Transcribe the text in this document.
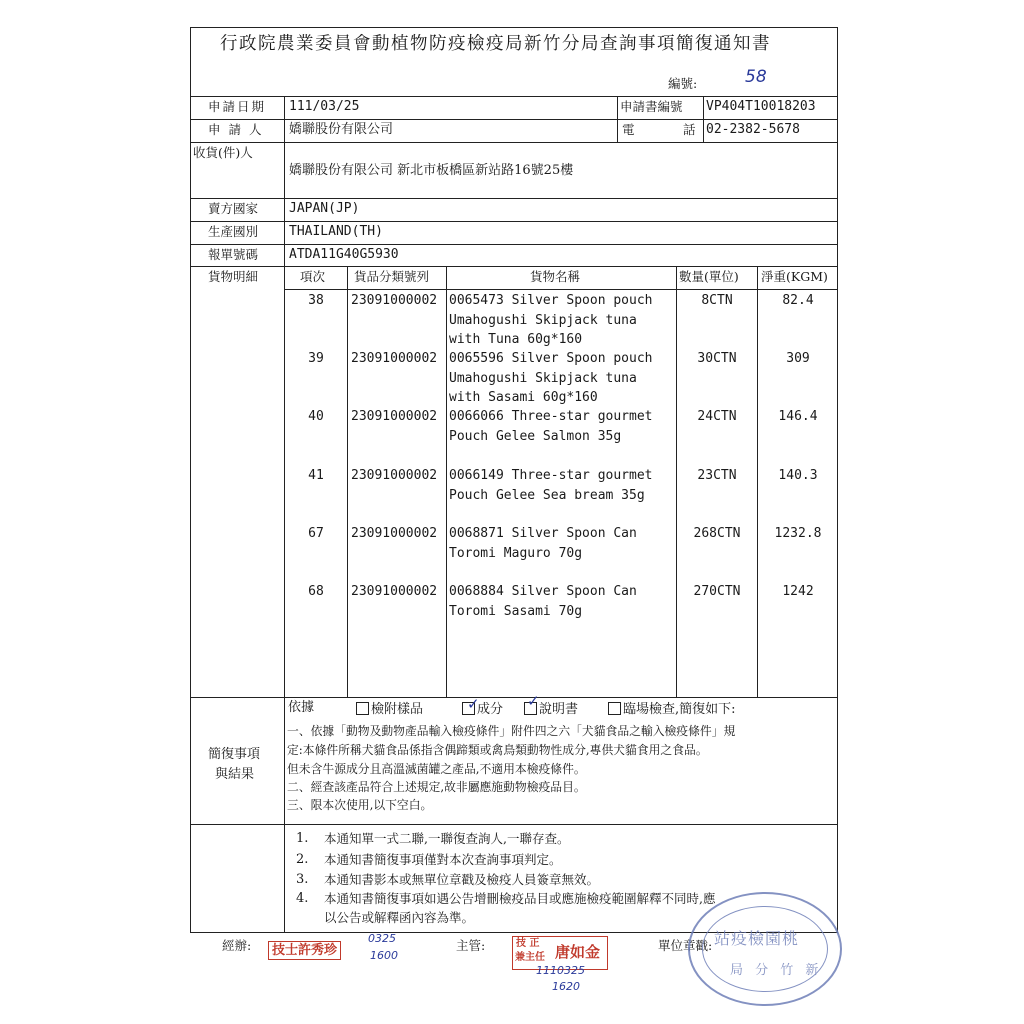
行政院農業委員會動植物防疫檢疫局新竹分局查詢事項簡復通知書
編號:	58
申請日期 111/03/25	申請書編號 VP404T10018203
申 請 人 嬌聯股份有限公司	電	話 02-2382-5678
收貨(件)人
嬌聯股份有限公司 新北市板橋區新站路16號25樓
賣方國家 JAPAN(JP)
生產國別 THAILAND(TH)
報單號碼 ATDA11G40G5930
貨物明細	項次 貨品分類號列	貨物名稱	數量(單位) 淨重(KGM)
38	23091000002 0065473 Silver Spoon pouch
Umahogushi Skipjack tuna
with Tuna 60g*160
8CTN	82.4
39	23091000002 0065596 Silver Spoon pouch
Umahogushi Skipjack tuna
with Sasami 60g*160
30CTN	309
40	23091000002 0066066 Three-star gourmet
Pouch Gelee Salmon 35g
24CTN	146.4
41	23091000002 0066149 Three-star gourmet
Pouch Gelee Sea bream 35g
23CTN	140.3
67	23091000002 0068871 Silver Spoon Can
Toromi Maguro 70g
268CTN	1232.8
68	23091000002 0068884 Silver Spoon Can
Toromi Sasami 70g
270CTN	1242
依據	檢附樣品	成分
✓	說明書
✓	臨場檢查,簡復如下:
簡復事項
與結果
一、依據「動物及動物產品輸入檢疫條件」附件四之六「犬貓食品之輸入檢疫條件」規
定:本條件所稱犬貓食品係指含偶蹄類或禽鳥類動物性成分,專供犬貓食用之食品。
但未含牛源成分且高溫滅菌罐之產品,不適用本檢疫條件。
二、經查該產品符合上述規定,故非屬應施動物檢疫品目。
三、限本次使用,以下空白。
1. 本通知單一式二聯,一聯復查詢人,一聯存查。
2. 本通知書簡復事項僅對本次查詢事項判定。
3. 本通知書影本或無單位章戳及檢疫人員簽章無效。
4. 本通知書簡復事項如遇公告增刪檢疫品目或應施檢疫範圍解釋不同時,應
以公告或解釋函內容為準。
經辦:	技士許秀珍
0325
1600
主管:	技 正
兼主任 唐如金
1110325
1620
單位章戳: 站疫檢園桃
局 分 竹 新
